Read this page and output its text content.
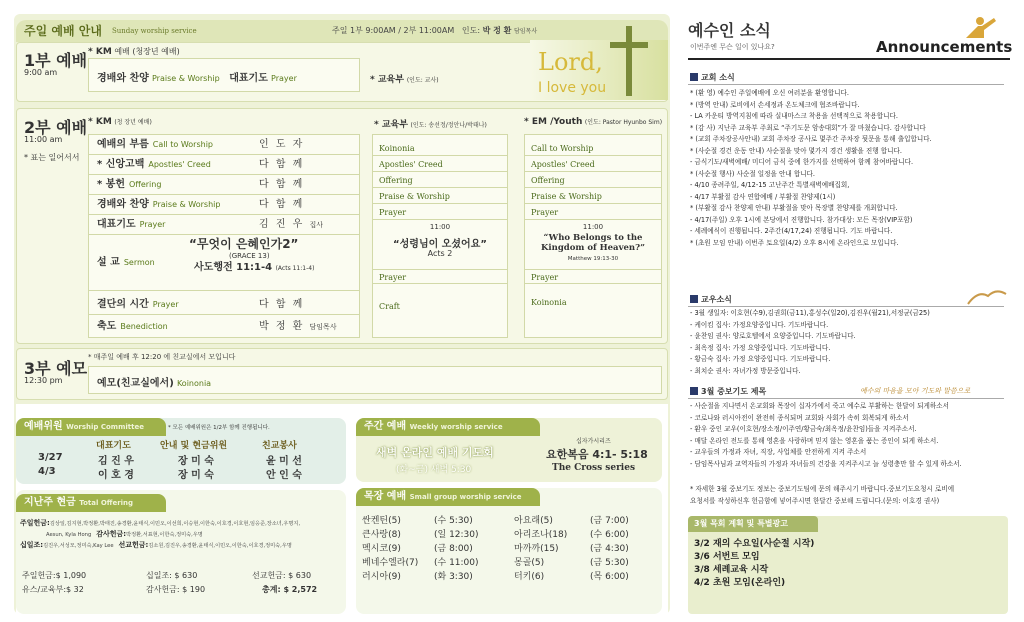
주일 예배 안내 Sunday worship service	주일 1부 9:00AM / 2부 11:00AM 인도: 박 정 환 담임목사
1부 예배
9:00 am
* KM 예배 (청장년 예배)
경배와 찬양 Praise & Worship 대표기도 Prayer	* 교육부 (인도: 교사)
Lord,
I love you
2부 예배
11:00 am
* 표는 일어서서
* KM (청 장년 예배)
예배의 부름 Call to Worship	인 도 자
* 신앙고백 Apostles' Creed	다 함 께
* 봉헌 Offering	다 함 께
경배와 찬양 Praise & Worship	다 함 께
대표기도 Prayer	김 진 우 집사
설 교 Sermon
“무엇이 은혜인가2”
(GRACE 13)
사도행전 11:1-4 (Acts 11:1-4)
결단의 시간 Prayer	다 함 께
축도 Benediction	박 정 환 담임목사
* 교육부 (인도: 송선정/정안나/박태나)
Koinonia
Apostles' Creed
Offering
Praise & Worship
Prayer
11:00
“성령님이 오셨어요”
Acts 2
Prayer
Craft
* EM /Youth (인도: Pastor Hyunbo Sim)
Call to Worship
Apostles' Creed
Offering
Praise & Worship
Prayer
11:00
“Who Belongs to the Kingdom of Heaven?”
Matthew 19:13-30
Prayer
Koinonia
3부 예모
12:30 pm
* 매주일 예배 후 12:20 에 친교실에서 모입니다
예모(친교실에서) Koinonia
예배위원 Worship Committee	* 모든 예배위원은 1/2부 함께 진행됩니다.
대표기도	안내 및 현금위원	친교봉사
3/27	김 진 우	장 미 숙	윤 미 선
4/3	이 호 경	장 미 숙	안 인 숙
지난주 현금 Total Offering
주일헌금:김상일,김지현,박정환,박태진,송경환,윤태식,이민오,이선희,이승현,이한숙,이호경,이호현,임응준,장소녀,우명지,
Aesun, Kyla Hong 감사헌금:박정환,서표현,이한숙,정미숙,우명
십일조:김진우,서성모,정미숙,Kay Lee 선교헌금:김소원,김진우,송경환,윤태식,이민오,이한숙,이호경,정미숙,우명
주일헌금:$ 1,090	십일조: $ 630	선교헌금: $ 630
유스/교육부:$ 32	감사헌금: $ 190	총계: $ 2,572
주간 예배 Weekly worship service
새벽 온라인 예배 기도회
(화~금) 새벽 5:30
십자가시리즈
요한복음 4:1- 5:18
The Cross series
목장 예배 Small group worship service
싼켄틴(5)	(수 5:30)
큰사랑(8)	(일 12:30)
멕시코(9)	(금 8:00)
베네수엘라(7) (수 11:00)
러시아(9)	(화 3:30)
아요래(5)	(금 7:00)
아리조나(18)	(수 6:00)
마까까(15)	(금 4:30)
몽골(5)	(금 5:30)
터키(6)	(목 6:00)
예수인 소식
이번주엔 무슨 일이 있나요?	Announcements
교회 소식
* (환 영) 예수인 주일예배에 오신 여러분을 환영합니다.
* (방역 안내) 로비에서 손세정과 온도체크에 협조바랍니다.
- LA 카운티 방역지침에 따라 실내마스크 착용을 선택적으로 착용합니다.
* (감 사) 지난주 교육부 주최로 “주기도문 암송대회”가 잘 마쳤습니다. 감사합니다
* (교회 주차장공사안내) 교회 주차장 공사로 몇주간 주차장 뒷문을 통해 출입합니다.
* (사순절 경건 운동 안내) 사순절을 맞아 몇가지 경건 생활을 진행 합니다.
- 금식기도/새벽예배/ 미디어 금식 중에 한가지를 선택하여 함께 참여바랍니다.
* (사순절 행사) 사순절 일정을 안내 합니다.
- 4/10 종려주일, 4/12-15 고난주간 특별새벽예배집회,
- 4/17 부활절 감사 연합예배 / 부활절 찬양제(1시)
* (부활절 감사 찬양제 안내) 부활절을 맞아 목장별 찬양제를 개최합니다.
- 4/17(주일) 오후 1시에 본당에서 진행합니다. 참가대상: 모든 목장(VIP포함)
- 세례예식이 진행됩니다. 2주간(4/17,24) 진행됩니다. 기도 바랍니다.
* (초원 모임 안내) 이번주 토요일(4/2) 오후 8시에 온라인으로 모입니다.
교우소식
- 3월 생일자: 이호현(수9),김권희(금11),홍성수(일20),김진우(월21),서정균(금25)
- 케이킴 집사: 가정요양중입니다. 기도바랍니다.
- 윤찬임 권사: 양로호텔에서 요양중입니다. 기도바랍니다.
- 최옥정 집사: 가정 요양중입니다. 기도바랍니다.
- 황금숙 집사: 가정 요양중입니다. 기도바랍니다.
- 최치순 권사: 자녀가정 방문중입니다.
3월 중보기도 제목	예수의 마음을 모아 기도와 말씀으로
- 사순절을 지나면서 온교회와 목장이 십자가에서 죽고 예수로 부활하는 한달이 되게하소서
- 코로나와 러시아전이 완전히 종식되며 교회와 사회가 속히 회복되게 하소서
- 환우 중인 교우(이호현/장소정/이주연/황금숙/최옥정/윤찬임)들을 지켜주소서.
- 매달 온라인 전도를 통해 영혼을 사랑하며 믿지 않는 영혼을 품는 증인이 되게 하소서.
- 교우들의 가정과 자녀, 직장, 사업체를 안전하게 지켜 주소서
- 담임목사님과 교역자들의 가정과 자녀들의 건강을 지켜주시고 늘 성령충만 할 수 있게 하소서.
* 자세한 3월 중보기도 정보는 중보기도팀에 문의 해주시기 바랍니다.중보기도요청시 로비에
요청서를 작성하신후 헌금함에 넣어주시면 한달간 중보해 드립니다.(문의: 이호경 권사)
3월 목회 계획 및 특별광고
3/2 재의 수요일(사순절 시작)
3/6 서번트 모임
3/8 세례교육 시작
4/2 초원 모임(온라인)
